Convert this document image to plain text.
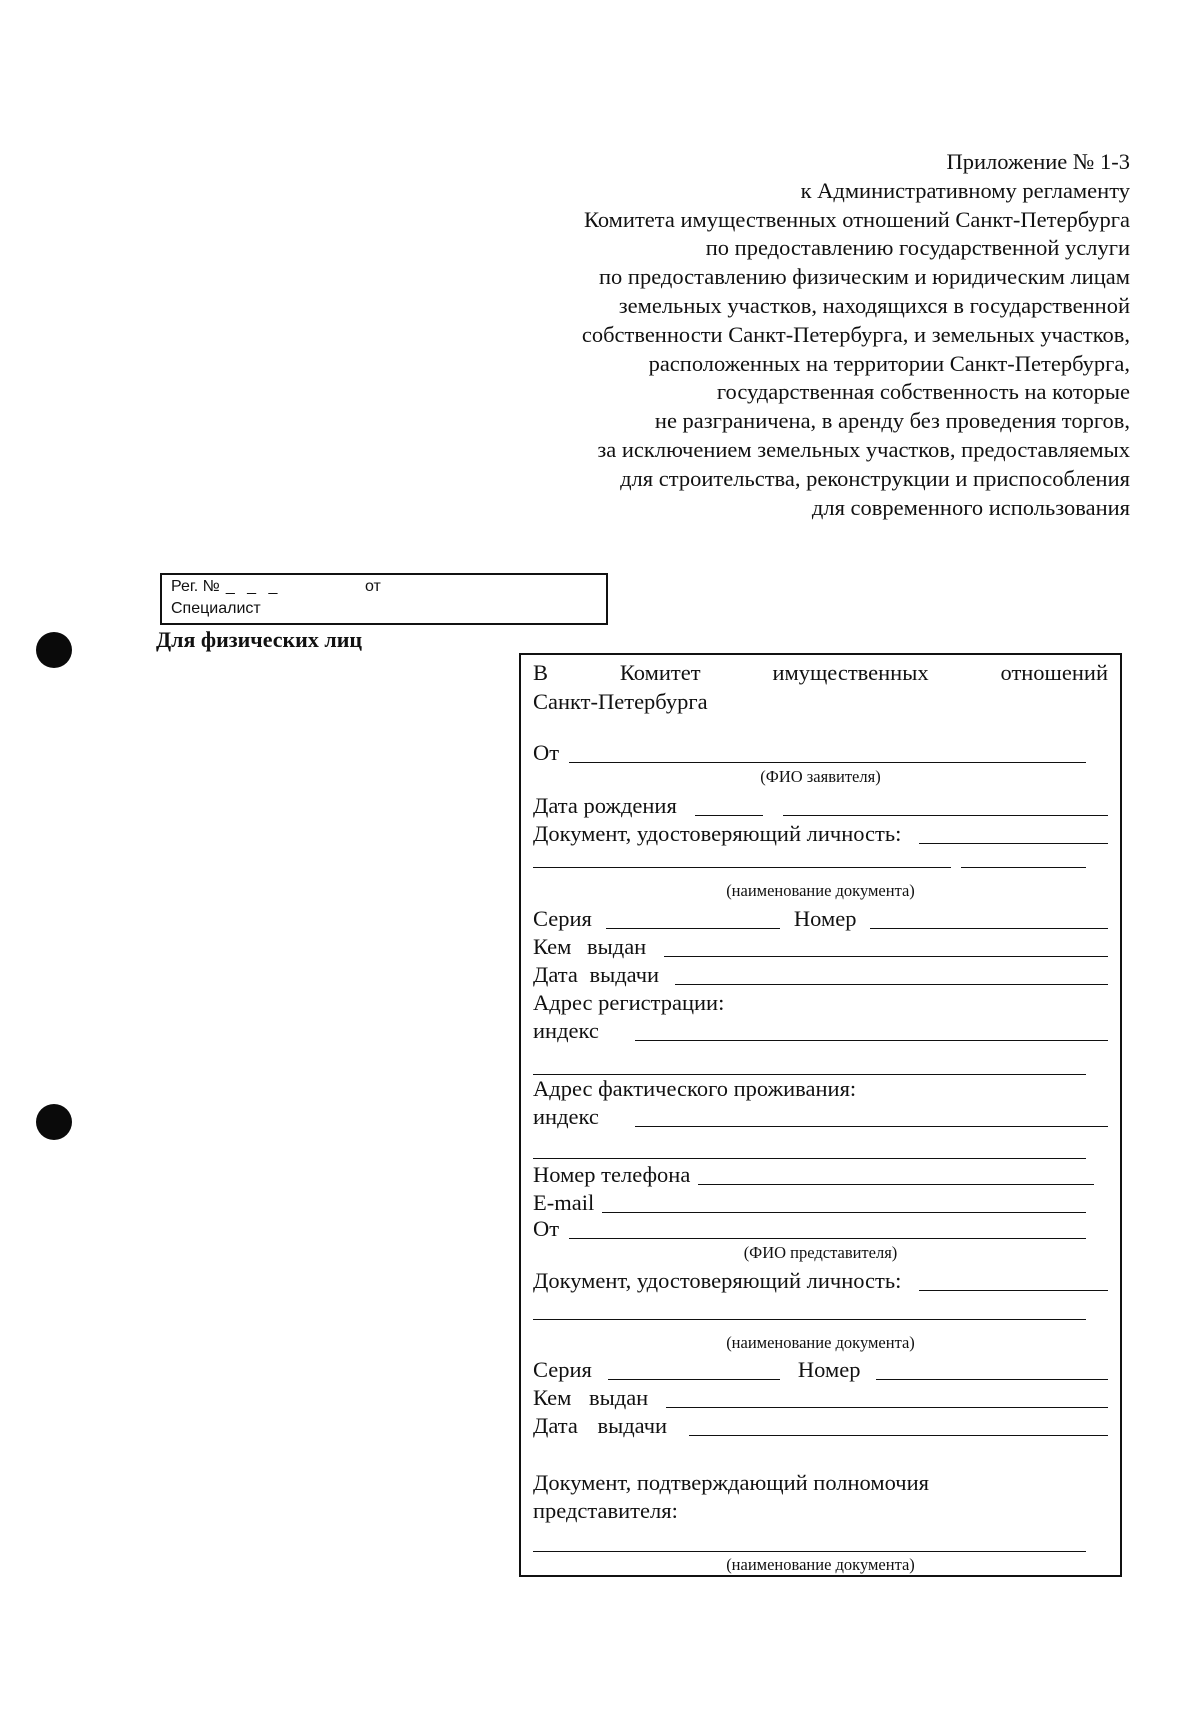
Приложение № 1-3
к Административному регламенту
Комитета имущественных отношений Санкт-Петербурга
по предоставлению государственной услуги
по предоставлению физическим и юридическим лицам
земельных участков, находящихся в государственной
собственности Санкт-Петербурга, и земельных участков,
расположенных на территории Санкт-Петербурга,
государственная собственность на которые
не разграничена, в аренду без проведения торгов,
за исключением земельных участков, предоставляемых
для строительства, реконструкции и приспособления
для современного использования
Рег. № _ _ _	от
Специалист
Для физических лиц
В	Комитет	имущественных	отношений
Санкт-Петербурга
От
(ФИО заявителя)
Дата рождения
Документ, удостоверяющий личность:
(наименование документа)
Серия	Номер
Кем выдан
Дата выдачи
Адрес регистрации:
индекс
Адрес фактического проживания:
индекс
Номер телефона
E-mail
От
(ФИО представителя)
Документ, удостоверяющий личность:
(наименование документа)
Серия	Номер
Кем выдан
Дата выдачи
Документ, подтверждающий полномочия
представителя:
(наименование документа)
